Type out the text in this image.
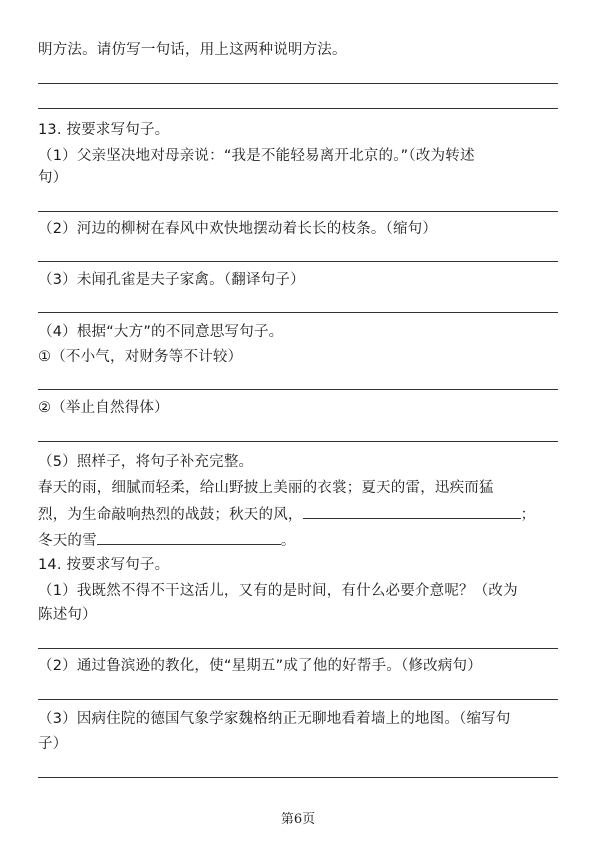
明方法。请仿写一句话，用上这两种说明方法。
13. 按要求写句子。
（1）父亲坚决地对母亲说：“我是不能轻易离开北京的。”（改为转述
句）
（2）河边的柳树在春风中欢快地摆动着长长的枝条。（缩句）
（3）未闻孔雀是夫子家禽。（翻译句子）
（4）根据“大方”的不同意思写句子。
①（不小气，对财务等不计较）
②（举止自然得体）
（5）照样子，将句子补充完整。
春天的雨，细腻而轻柔，给山野披上美丽的衣裳；夏天的雷，迅疾而猛
烈，为生命敲响热烈的战鼓；秋天的风，	；
冬天的雪	。
14. 按要求写句子。
（1）我既然不得不干这活儿，又有的是时间，有什么必要介意呢？（改为
陈述句）
（2）通过鲁滨逊的教化，使“星期五”成了他的好帮手。（修改病句）
（3）因病住院的德国气象学家魏格纳正无聊地看着墙上的地图。（缩写句
子）
第6页
